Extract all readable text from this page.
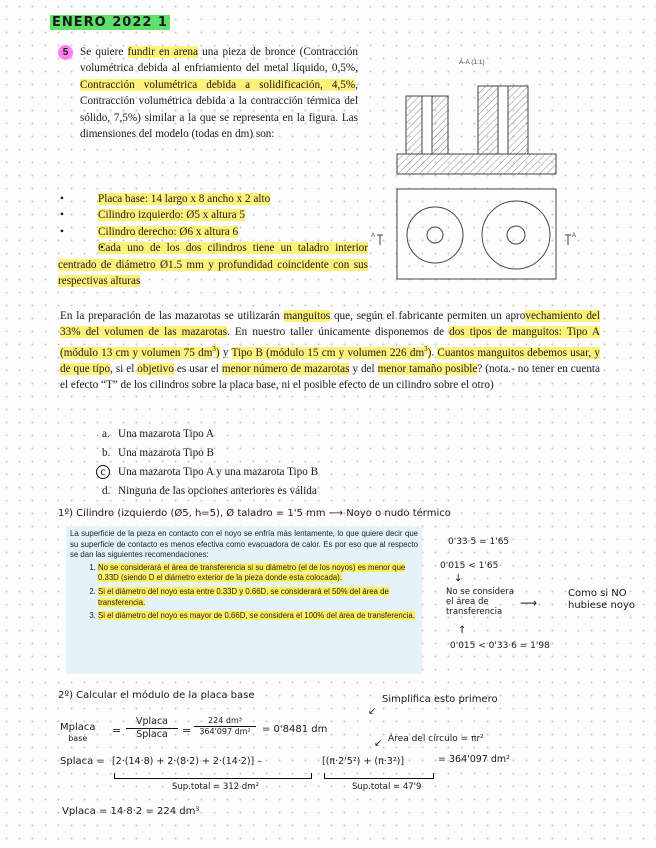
ENERO 2022 1
5	Se quiere fundir en arena una pieza de bronce (Contracción volumétrica debida al enfriamiento del metal líquido, 0,5%, Contracción volumétrica debida a solidificación, 4,5%, Contracción volumétrica debida a la contracción térmica del sólido, 7,5%) similar a la que se representa en la figura. Las dimensiones del modelo (todas en dm) son:
• Placa base: 14 largo x 8 ancho x 2 alto
• Cilindro izquierdo: Ø5 x altura 5
• Cilindro derecho: Ø6 x altura 6
• Cada uno de los dos cilindros tiene un taladro interior centrado de diámetro Ø1.5 mm y profundidad coincidente con sus respectivas alturas
A-A (1:1)
A	A
En la preparación de las mazarotas se utilizarán manguitos que, según el fabricante permiten un aprovechamiento del 33% del volumen de las mazarotas. En nuestro taller únicamente disponemos de dos tipos de manguitos: Tipo A (módulo 13 cm y volumen 75 $dm^3$) y Tipo B (módulo 15 cm y volumen 226 $dm^3$). Cuantos manguitos debemos usar, y de que tipo, si el objetivo es usar el menor número de mazarotas y del menor tamaño posible? (nota.- no tener en cuenta el efecto “T” de los cilindros sobre la placa base, ni el posible efecto de un cilindro sobre el otro)
a. Una mazarota Tipo A
b. Una mazarota Tipo B
c Una mazarota Tipo A y una mazarota Tipo B
d. Ninguna de las opciones anteriores es válida
1º) Cilindro (izquierdo (Ø5, h=5), Ø taladro = 1'5 mm ⟶ Noyo o nudo térmico
La superficie de la pieza en contacto con el noyo se enfría más lentamente, lo que quiere decir que su superficie de contacto es menos efectiva como evacuadora de calor. Es por eso que al respecto se dan las siguientes recomendaciones:
1. No se considerará el área de transferencia si su diámetro (el de los noyos) es menor que 0.33D (siendo D el diámetro exterior de la pieza donde esta colocada).
2. Si el diámetro del noyo esta entre 0.33D y 0.66D, se considerará el 50% del área de transferencia.
3. Si el diámetro del noyo es mayor de 0.66D, se considera el 100% del área de transferencia.
0'33·5 = 1'65
0'015 < 1'65
↓
No se considera el área de transferencia
⟶
Como si NO hubiese noyo
↑
0'015 < 0'33·6 = 1'98
2º) Calcular el módulo de la placa base	Simplifica esto primero
↙
Mplaca
base
=
Vplaca
Splaca	=
224 dm³
364'097 dm²	= 0'8481 dm
↙ Área del círculo = πr²
Splaca = [2·(14·8) + 2·(8·2) + 2·(14·2)] –	[(π·2'5²) + (π·3²)]	= 364'097 dm²
Sup.total = 312 dm²	Sup.total = 47'9
Vplaca = 14·8·2 = 224 dm³
